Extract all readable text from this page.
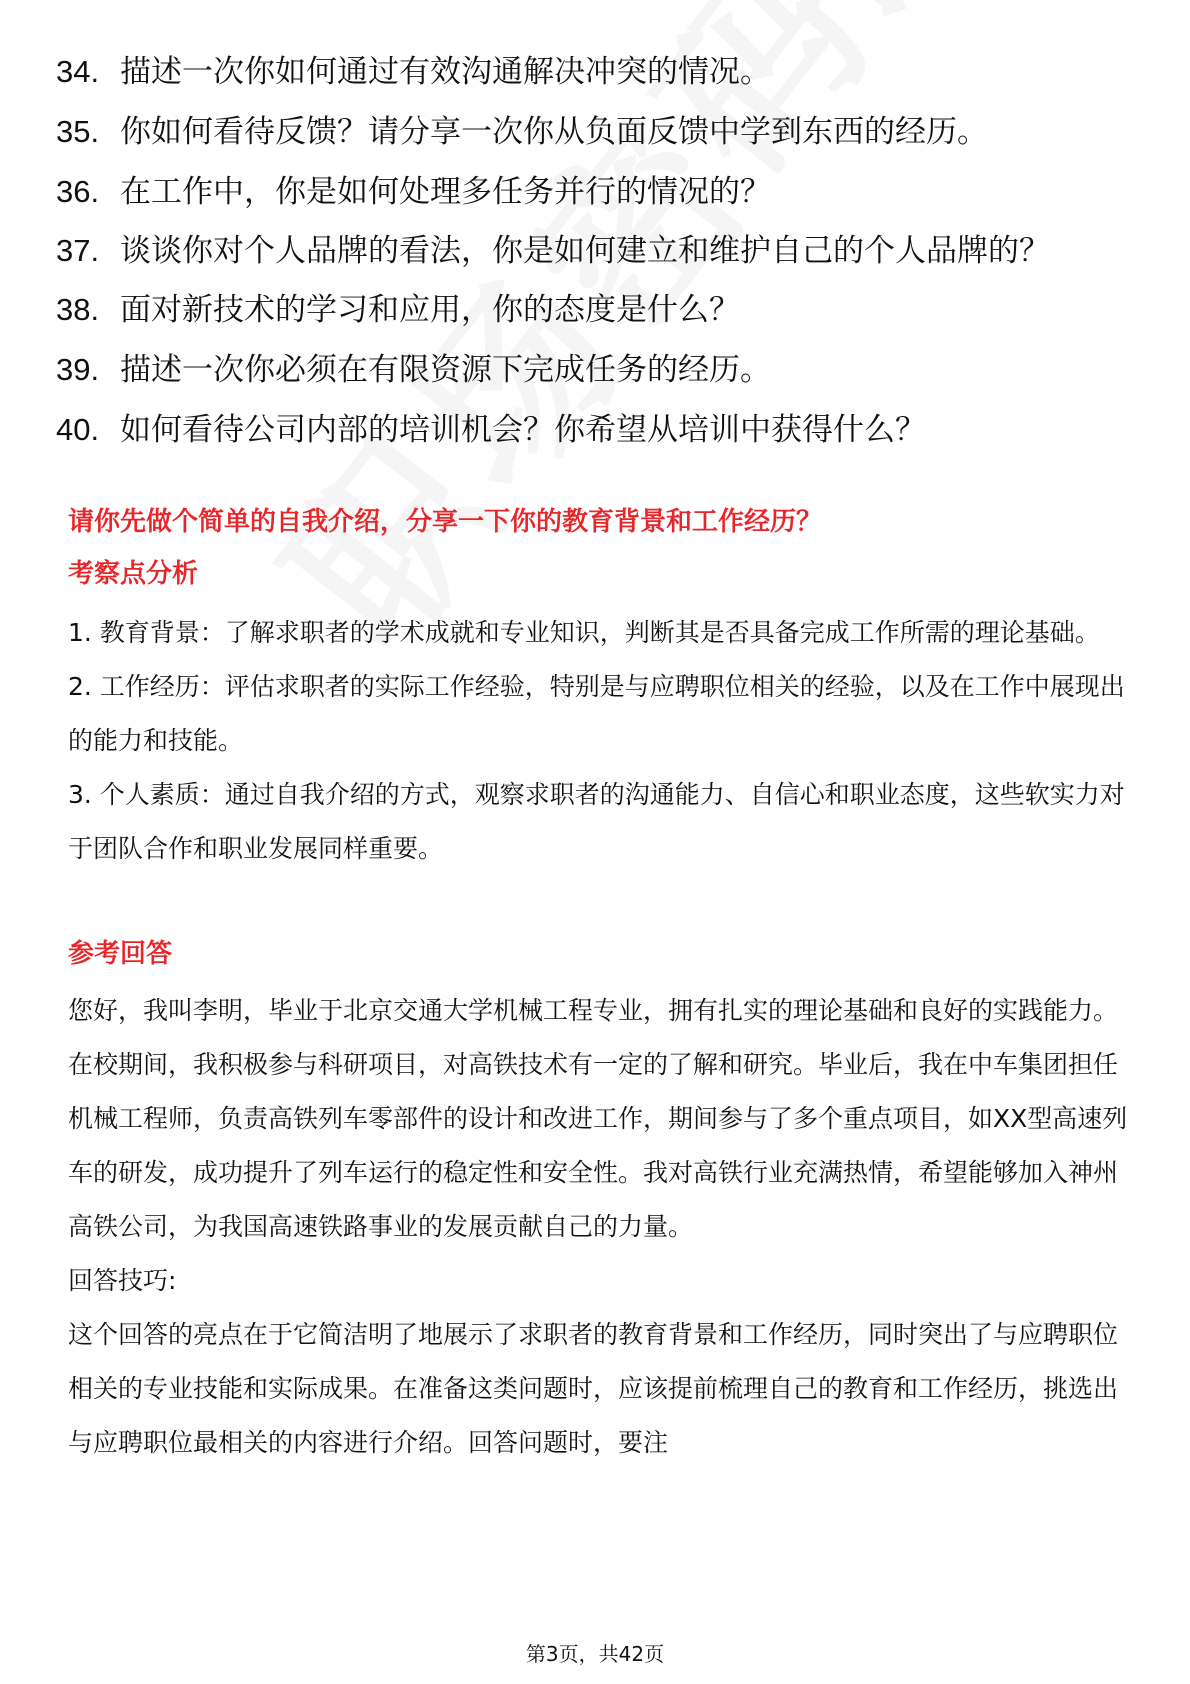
34. 描述一次你如何通过有效沟通解决冲突的情况。
35. 你如何看待反馈？请分享一次你从负面反馈中学到东西的经历。
36. 在工作中，你是如何处理多任务并行的情况的？
37. 谈谈你对个人品牌的看法，你是如何建立和维护自己的个人品牌的？
38. 面对新技术的学习和应用，你的态度是什么？
39. 描述一次你必须在有限资源下完成任务的经历。
40. 如何看待公司内部的培训机会？你希望从培训中获得什么？
请你先做个简单的自我介绍，分享一下你的教育背景和工作经历？
考察点分析
1. 教育背景：了解求职者的学术成就和专业知识，判断其是否具备完成工作所需的理论基础。
2. 工作经历：评估求职者的实际工作经验，特别是与应聘职位相关的经验，以及在工作中展现出的能力和技能。
3. 个人素质：通过自我介绍的方式，观察求职者的沟通能力、自信心和职业态度，这些软实力对于团队合作和职业发展同样重要。
参考回答
您好，我叫李明，毕业于北京交通大学机械工程专业，拥有扎实的理论基础和良好的实践能力。在校期间，我积极参与科研项目，对高铁技术有一定的了解和研究。毕业后，我在中车集团担任机械工程师，负责高铁列车零部件的设计和改进工作，期间参与了多个重点项目，如XX型高速列车的研发，成功提升了列车运行的稳定性和安全性。我对高铁行业充满热情，希望能够加入神州高铁公司，为我国高速铁路事业的发展贡献自己的力量。
回答技巧:
这个回答的亮点在于它简洁明了地展示了求职者的教育背景和工作经历，同时突出了与应聘职位相关的专业技能和实际成果。在准备这类问题时，应该提前梳理自己的教育和工作经历，挑选出与应聘职位最相关的内容进行介绍。回答问题时，要注
第3页，共42页
